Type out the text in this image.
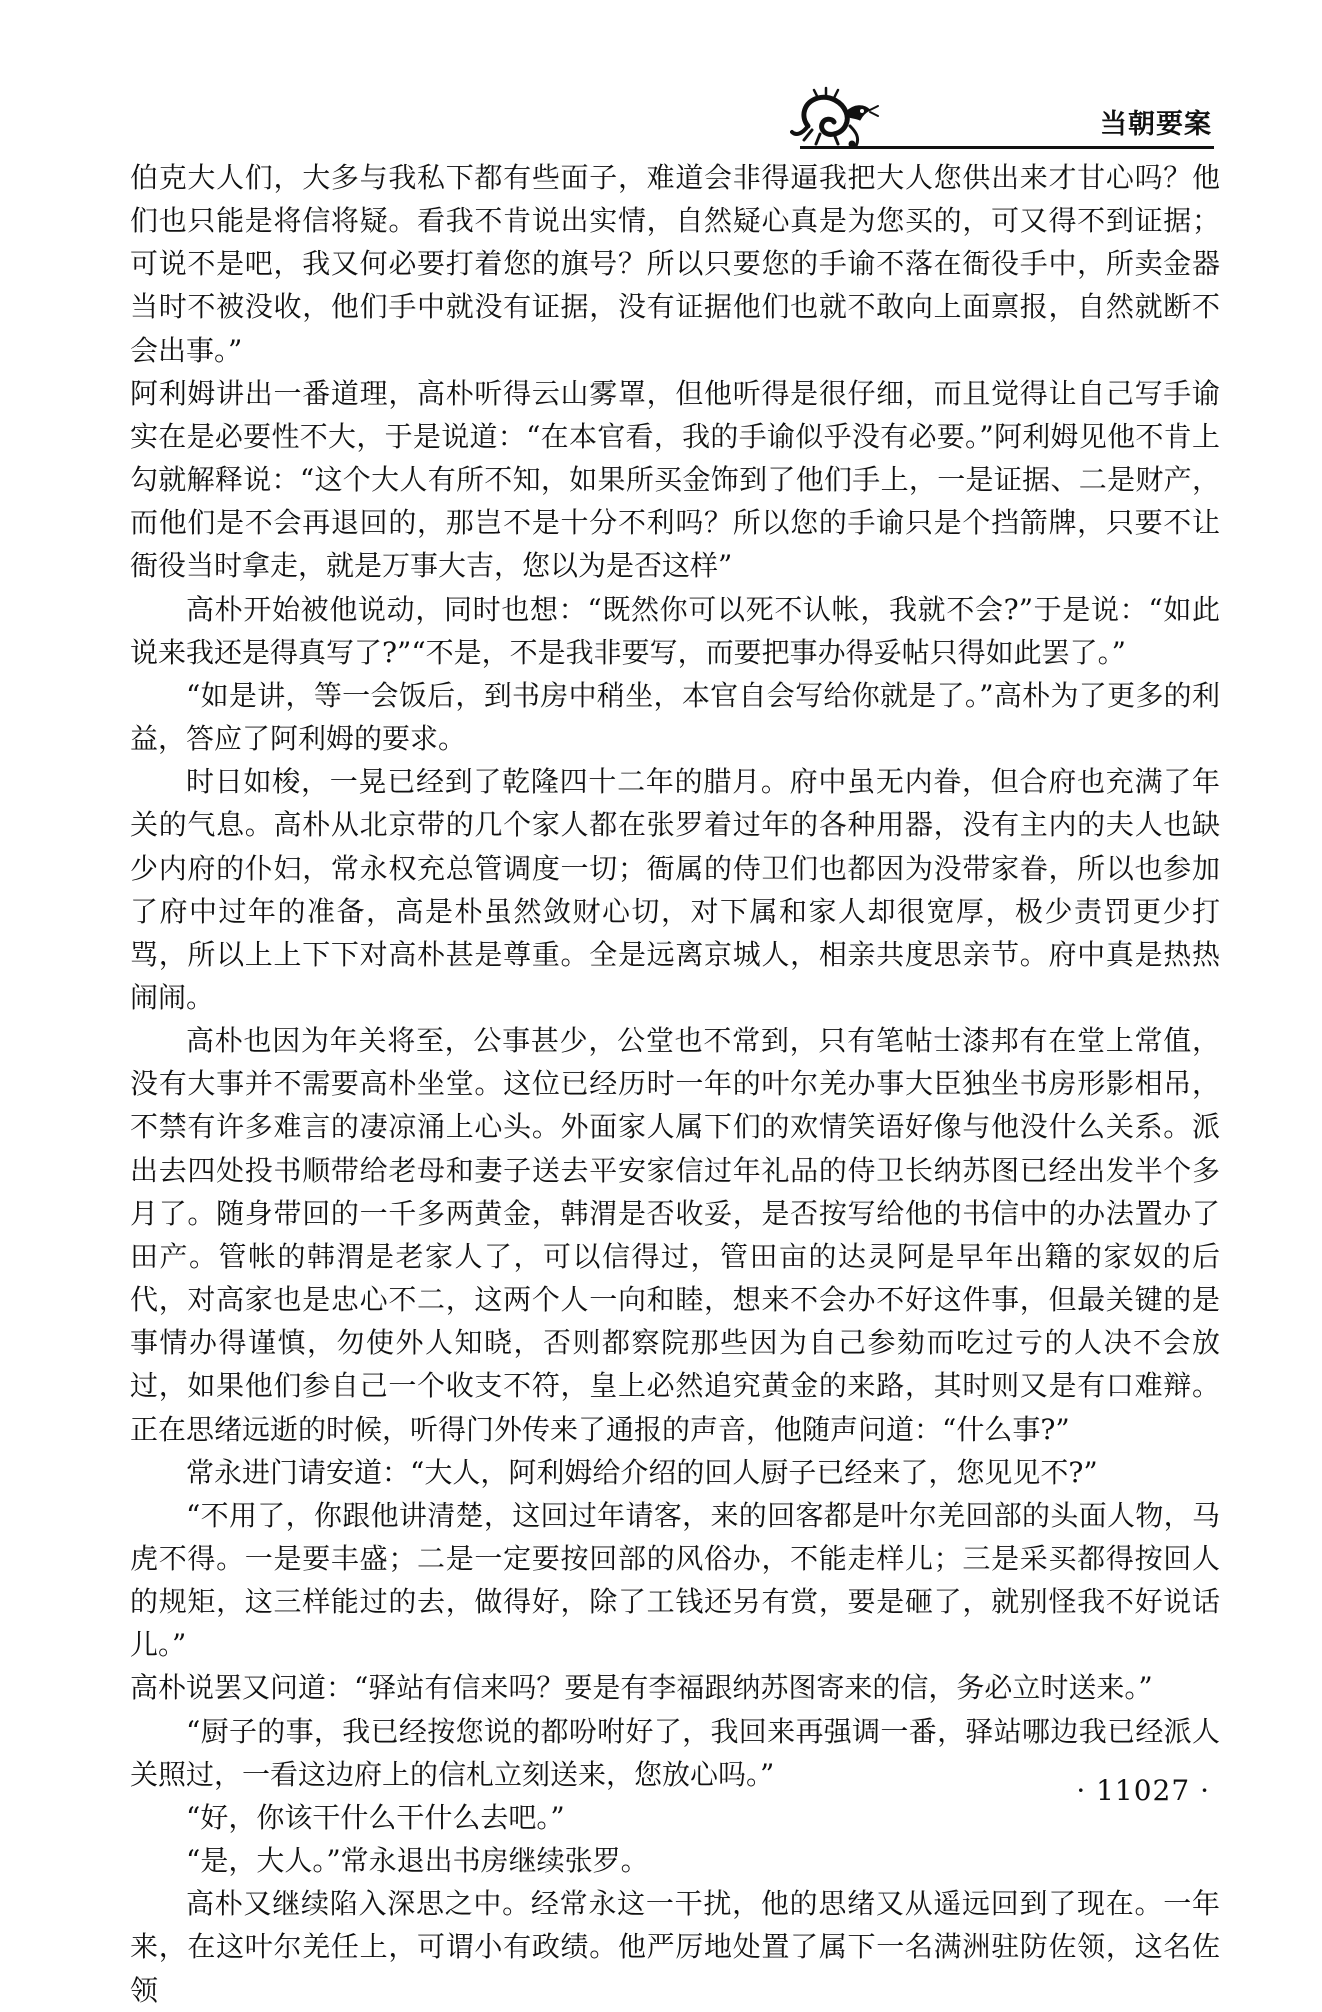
当朝要案

伯克大人们，大多与我私下都有些面子，难道会非得逼我把大人您供出来才甘心吗？他们也只能是将信将疑。看我不肯说出实情，自然疑心真是为您买的，可又得不到证据；可说不是吧，我又何必要打着您的旗号？所以只要您的手谕不落在衙役手中，所卖金器当时不被没收，他们手中就没有证据，没有证据他们也就不敢向上面禀报，自然就断不会出事。”

阿利姆讲出一番道理，高朴听得云山雾罩，但他听得是很仔细，而且觉得让自己写手谕实在是必要性不大，于是说道：“在本官看，我的手谕似乎没有必要。”阿利姆见他不肯上勾就解释说：“这个大人有所不知，如果所买金饰到了他们手上，一是证据、二是财产，而他们是不会再退回的，那岂不是十分不利吗？所以您的手谕只是个挡箭牌，只要不让衙役当时拿走，就是万事大吉，您以为是否这样”

高朴开始被他说动，同时也想：“既然你可以死不认帐，我就不会?”于是说：“如此说来我还是得真写了?”“不是，不是我非要写，而要把事办得妥帖只得如此罢了。”

“如是讲，等一会饭后，到书房中稍坐，本官自会写给你就是了。”高朴为了更多的利益，答应了阿利姆的要求。

时日如梭，一晃已经到了乾隆四十二年的腊月。府中虽无内眷，但合府也充满了年关的气息。高朴从北京带的几个家人都在张罗着过年的各种用器，没有主内的夫人也缺少内府的仆妇，常永权充总管调度一切；衙属的侍卫们也都因为没带家眷，所以也参加了府中过年的准备，高是朴虽然敛财心切，对下属和家人却很宽厚，极少责罚更少打骂，所以上上下下对高朴甚是尊重。全是远离京城人，相亲共度思亲节。府中真是热热闹闹。

高朴也因为年关将至，公事甚少，公堂也不常到，只有笔帖士漆邦有在堂上常值，没有大事并不需要高朴坐堂。这位已经历时一年的叶尔羌办事大臣独坐书房形影相吊，不禁有许多难言的凄凉涌上心头。外面家人属下们的欢情笑语好像与他没什么关系。派出去四处投书顺带给老母和妻子送去平安家信过年礼品的侍卫长纳苏图已经出发半个多月了。随身带回的一千多两黄金，韩渭是否收妥，是否按写给他的书信中的办法置办了田产。管帐的韩渭是老家人了，可以信得过，管田亩的达灵阿是早年出籍的家奴的后代，对高家也是忠心不二，这两个人一向和睦，想来不会办不好这件事，但最关键的是事情办得谨慎，勿使外人知晓，否则都察院那些因为自己参劾而吃过亏的人决不会放过，如果他们参自己一个收支不符，皇上必然追究黄金的来路，其时则又是有口难辩。正在思绪远逝的时候，听得门外传来了通报的声音，他随声问道：“什么事?”

常永进门请安道：“大人，阿利姆给介绍的回人厨子已经来了，您见见不?”

“不用了，你跟他讲清楚，这回过年请客，来的回客都是叶尔羌回部的头面人物，马虎不得。一是要丰盛；二是一定要按回部的风俗办，不能走样儿；三是采买都得按回人的规矩，这三样能过的去，做得好，除了工钱还另有赏，要是砸了，就别怪我不好说话儿。”

高朴说罢又问道：“驿站有信来吗？要是有李福跟纳苏图寄来的信，务必立时送来。”

“厨子的事，我已经按您说的都吩咐好了，我回来再强调一番，驿站哪边我已经派人关照过，一看这边府上的信札立刻送来，您放心吗。”

“好，你该干什么干什么去吧。”

“是，大人。”常永退出书房继续张罗。

高朴又继续陷入深思之中。经常永这一干扰，他的思绪又从遥远回到了现在。一年来，在这叶尔羌任上，可谓小有政绩。他严厉地处置了属下一名满洲驻防佐领，这名佐领

· 11027 ·
